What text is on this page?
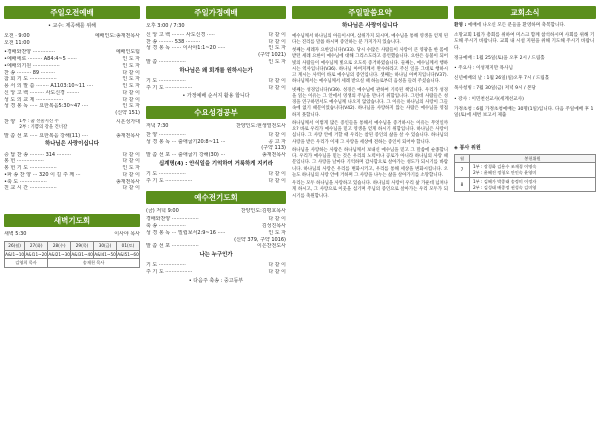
주일오전예배
• 교수: 제곡해를 위해
오전 · 9:00	예배인도:송재천목사
오전 11:00
•경배와찬양 ··············	예배인도팀
•예배에로 ········· A84:4~5 ······	인 도 자
•예배의기원 ·················	인 도 자
찬 송 ········· 89 ·········	다 같 이
참 회 기 도 ·················	인 도 자
용 서 의 말 씀 ········ A1103:10~11 ····	인 도 자
신 앙 고 백 ········· 사도신경 ········	다 같 이
성 도 의 교 제 ·················	다 같 이
성 경 봉 독 ····· 요한복음5:30~47 ····	인 도 자
(신약 151)
찬 양 1부 : 꿈 선물지신 주
2부 : 기쁨의 강을 건너갈
시온성가대
말 씀 선 포 ····· 요한복음 강해(11) ····	송재천목사
하나님은 사랑이십니다
증 답 찬 송 ········· 314 ·········	다 같 이
봉 헌 ·················	다 같 이
봉 헌 기 도 ·················	인 도 자
•파 송 찬 양 ··· 320 이 길 주 께 ···	다 같 이
•축 도 ·················	송재천목사
친 교 시 간 ·················	다 같 이
새벽기도회
새벽 5:30	이사야 목사
26(월)	27(화)	28(수)	29(목)	30(금)	01(토)
A&I1~10	A&I11~20	A&I21~30	A&I31~40	A&I41~50	A&I51~60
김영희 목사		송재천 목사			
주일가정예배
오후 3:00 / 7:30
신 앙 고 백 ········ 사도신경 ·····	다 같 이
찬 송 ········· 538 ·········	다 같 이
성 경 봉 독 ······ 이사야1:1~20 ·····	인 도 자
(구약 1021)
말 씀 ·················	인 도 자
하나님은 왜 회개를 원하시는가
기 도 ·················	다 같 이
주 기 도 ·················	다 같 이
• 가정예배 순서지 활용 합니다
수요성경공부
저녁 7:30	찬양인도:현생열전도사
찬 양 ·················	다 같 이
성 경 봉 독 ··· 출애굽기20:8~11 ···	공 고 자
(구약 113)
말 씀 선 포 ··· 출애굽기 강해(30) ···	송재천목사
십계명(4) : 안식일을 기억하여 거룩하게 지키라
기 도 ·················	다 같 이
주 기 도 ·················	다 같 이
예수전기도회
(금) 저녁 9:00	찬양인도:김평호목사
경배와찬양 ·················	다 같 이
축 송 ·················	김성진목사
성 경 봉 독 ··· 빌립보서2:9~16 ·····	인 도 자
(신약 379, 구약 1016)
말 씀 선 포 ·················	이은찬전도사
나는 누구인가
기 도 ·················	다 같 이
주 기 도 ·················	다 같 이
• 다음주 축송 : 중고등부
주일말씀요약
하나님은 사랑이십니다

예수님께서 하나님의 아들이시며, 삼위가지 되시며, 예수님을 통해 영생을 얻게 된다는 진리를 말씀 하시며 증언하는 분 가지가지 있습니다.

첫째는 세례자 요한입니다(V33). 당시 수많은 사람들이 사랑이 큰 영광을 한 몸에 받던 세례 요한이 예수님에 대해 그리스도라고 증언했습니다. 요한은 등불이 되어 빛의 사람들이 예수님께 빛으로 오도록 증거하였습니다. 둘째는, 예수님께서 행하시는 역사입니다(V36). 하나님 아버지께서 완수하라고 주신 일을 그대로 행하시고 계시는 사역이 바로 예수님의 증언입니다. 셋째는 하나님 아버지입니다(V37). 하나님께서는 예수님께서 세례 받으실 때 하늘로부터 음성을 들려 주셨습니다.

넷째는 성경입니다(V39). 성경은 예수님에 관하여 기록된 책입니다. 우리가 성경을 읽는 이유는 그 안에서 영생의 주님을 만나기 위함입니다. 그런데 사람들은 성경을 연구하면서도 예수님께 나오지 않았습니다. 그 이유는 하나님의 사랑이 그들 속에 없기 때문이었습니다(V42). 하나님을 사랑하지 않는 사람은 예수님을 영접하지 못합니다.

하나님께서 이렇게 많은 증인들을 통해서 예수님을 증거하시는 이유는 무엇일까요? 바로 우리가 예수님을 믿고 영생을 얻게 하시기 위함입니다. 하나님은 사랑이십니다. 그 사랑 안에 거할 때 우리는 참된 증인의 삶을 살 수 있습니다. 하나님의 사랑을 받은 우리가 이제 그 사랑을 세상에 전하는 증인이 되어야 합니다.

하나님을 사랑하는 사람은 하나님께서 보내신 예수님을 믿고 그 말씀에 순종합니다. 우리가 예수님을 믿는 것은 우리의 노력이나 공로가 아니라 하나님의 사랑 때문입니다. 그 사랑을 날마다 기억하며 감사함으로 살아가는 성도가 되시기를 바랍니다. 하나님의 사랑은 우리를 변화시키고, 우리를 통해 세상을 변화시킵니다. 오늘도 하나님의 사랑 안에 거하며 그 사랑을 나누는 삶을 살아가기를 소망합니다.

우리는 모두 하나님을 사랑하고 있습니다. 하나님의 사랑이 우리 삶 가운데 넘쳐나게 하시고, 그 사랑으로 이웃을 섬기며 주님의 증인으로 살아가는 우리 모두가 되시기를 축원합니다.

교회소식
환영 : 예배에 나오신 모든 분들을 환영하며 축복합니다.
소망교회 1월가 총회를 위하여 미스크 함께 참석하시며 사회를 위해 기도해 주시기 바랍니다. 교회 내 시설 지원을 위해 기도해 주시기 바랍니다.
정규예배 : 1월 25일(토)을 오후 2시 / 드림홀
• 주요사 : 이성재지만 목사님
신년예배의 날 : 1월 26일(일)오후 7시 / 드림홀
목사청빙 : 7월 30일(금) 저녁 9시 / 본당
• 강사 : 이민천선교사(세계선교사)
가정초청 : 6월 가정초청예배는 30명(1일)입니다. 다음 주일예배 후 1일(토)에 세번 보고서 제출
◈ 봉사 위원
월	봉헌위원
7	1부 : 장경화 김용수 조재경 이명숙
2부 : 윤혜진 정청오 안인숙 윤영미

8	1부 : 김혜가 박종태 송정미 이정자
2부 : 김성태 배종정 권성숙 김미영
